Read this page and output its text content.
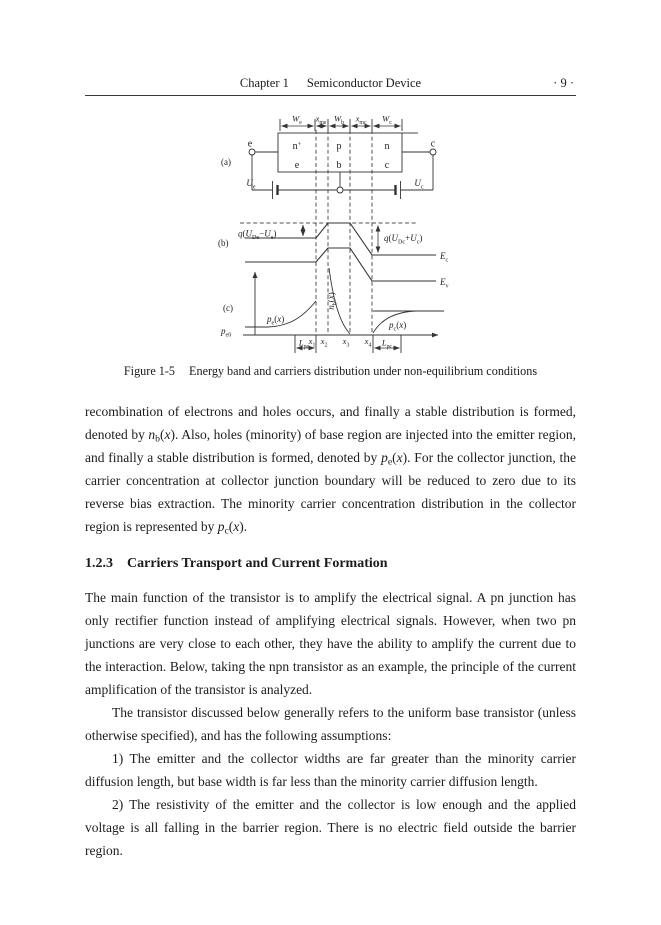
Chapter 1 Semiconductor Device	· 9 ·
$W_e$ $x_{me}$ $W_b$ $x_{mc}$ $W_c$
n+	p	n
e	b	c
e	c
$U_e$	$U_c$
(a)
$q(U_{De}-U_e)$	$q(U_{Dc}+U_c)$
$E_c$
$E_v$
(b)
$p_e(x)$
$n_b(x)$
$p_c(x)$
$p_{e0}$
$L_{pe}$	$L_{pc}$
$x_1$ $x_2$ $x_3$ $x_4$
(c)
Figure 1-5 Energy band and carriers distribution under non-equilibrium conditions

recombination of electrons and holes occurs, and finally a stable distribution is formed, denoted by nb(x). Also, holes (minority) of base region are injected into the emitter region, and finally a stable distribution is formed, denoted by pe(x). For the collector junction, the carrier concentration at collector junction boundary will be reduced to zero due to its reverse bias extraction. The minority carrier concentration distribution in the collector region is represented by pc(x).

1.2.3 Carriers Transport and Current Formation

The main function of the transistor is to amplify the electrical signal. A pn junction has only rectifier function instead of amplifying electrical signals. However, when two pn junctions are very close to each other, they have the ability to amplify the current due to the interaction. Below, taking the npn transistor as an example, the principle of the current amplification of the transistor is analyzed.

The transistor discussed below generally refers to the uniform base transistor (unless otherwise specified), and has the following assumptions:

1) The emitter and the collector widths are far greater than the minority carrier diffusion length, but base width is far less than the minority carrier diffusion length.

2) The resistivity of the emitter and the collector is low enough and the applied voltage is all falling in the barrier region. There is no electric field outside the barrier region.
